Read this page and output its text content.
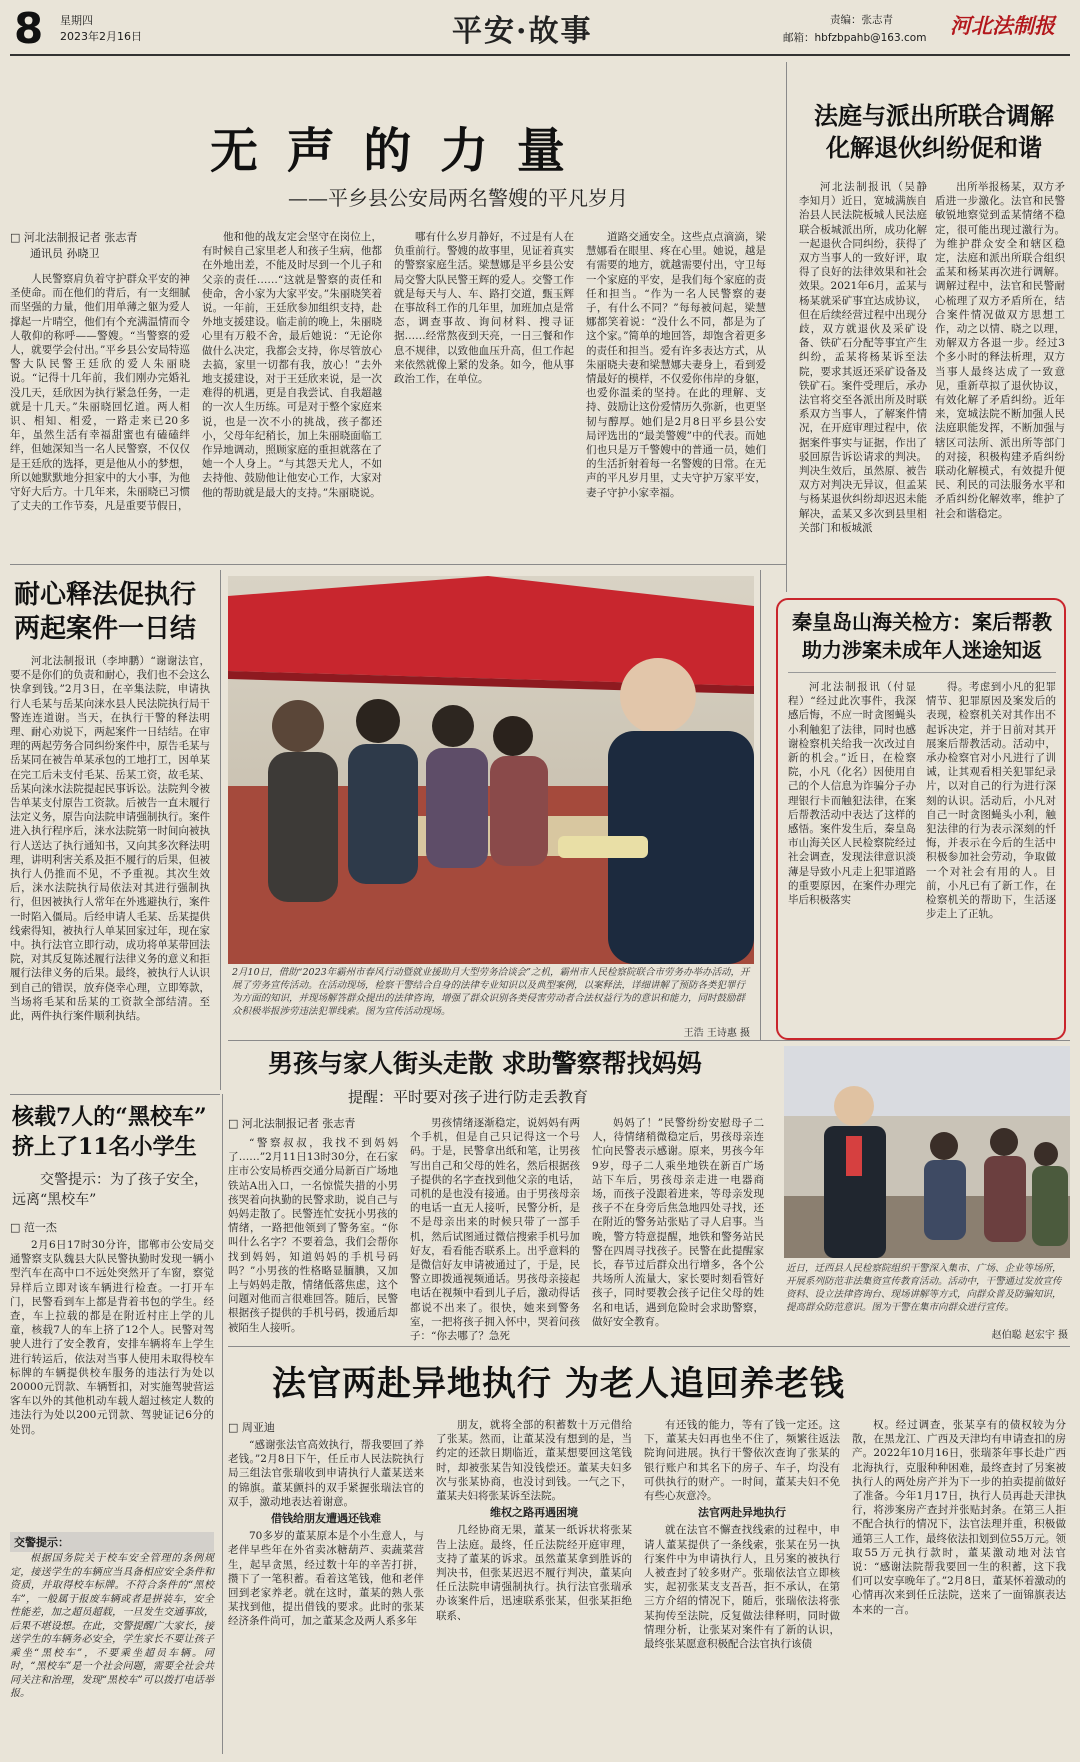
8 星期四
2023年2月16日	平安·故事	责编：张志青
邮箱：hbfzbpahb@163.com 河北法制报
无 声 的 力 量
——平乡县公安局两名警嫂的平凡岁月
□ 河北法制报记者 张志青
通讯员 孙晓卫

人民警察肩负着守护群众平安的神圣使命。而在他们的背后，有一支细腻而坚强的力量，他们用单薄之躯为爱人撑起一片晴空，他们有个充满温情而令人敬仰的称呼——警嫂。“当警察的爱人，就要学会付出。”平乡县公安局特巡警大队民警王廷欣的爱人朱丽晓说。“记得十几年前，我们刚办完婚礼没几天，廷欣因为执行紧急任务，一走就是十几天。”朱丽晓回忆道。两人相识、相知、相爱，一路走来已20多年，虽然生活有幸福甜蜜也有磕磕绊绊，但她深知当一名人民警察，不仅仅是王廷欣的选择，更是他从小的梦想，所以她默默地分担家中的大小事，为他守好大后方。十几年来，朱丽晓已习惯了丈夫的工作节奏，凡是重要节假日，

他和他的战友定会坚守在岗位上，有时候自己家里老人和孩子生病，他都在外地出差，不能及时尽到一个儿子和父亲的责任……“这就是警察的责任和使命，舍小家为大家平安。”朱丽晓笑着说。一年前，王廷欣参加组织支持，赴外地支援建设。临走前的晚上，朱丽晓心里有万般不舍，最后她说：“无论你做什么决定，我都会支持，你尽管放心去搞，家里一切都有我，放心！”去外地支援建设，对于王廷欣来说，是一次难得的机遇，更是自我尝试、自我超越的一次人生历练。可是对于整个家庭来说，也是一次不小的挑战，孩子都还小，父母年纪稍长，加上朱丽晓面临工作异地调动，照顾家庭的重担就落在了她一个人身上。“与其怨天尤人，不如去持他、鼓励他让他安心工作，大家对他的帮助就是最大的支持。”朱丽晓说。

哪有什么岁月静好，不过是有人在负重前行。警嫂的故事里，见证着真实的警察家庭生活。梁慧娜是平乡县公安局交警大队民警王辉的爱人。交警工作就是每天与人、车、路打交道，甄玉辉在事故科工作的几年里，加班加点是常态，调查事故、询问材料、搜寻证据……经常熬夜到天亮，一日三餐和作息不规律，以致他血压升高，但工作起来依然就像上紧的发条。如今，他从事政治工作，在单位。

道路交通安全。这些点点滴滴，梁慧娜看在眼里、疼在心里。她说，越是有需要的地方，就越需要付出，守卫每一个家庭的平安，是我们每个家庭的责任和担当。“作为一名人民警察的妻子，有什么不同？”每每被问起，梁慧娜都笑着说：“没什么不同，都是为了这个家。”简单的地回答，却饱含着更多的责任和担当。爱有许多表达方式，从朱丽晓夫妻和梁慧娜夫妻身上，看到爱情最好的模样，不仅爱你伟岸的身躯，也爱你温柔的坚持。在此的理解、支持、鼓励让这份爱情历久弥新，也更坚韧与醇厚。她们是2月8日平乡县公安局评选出的“最美警嫂”中的代表。而她们也只是万千警嫂中的普通一员，她们的生活折射着每一名警嫂的日常。在无声的平凡岁月里，丈夫守护万家平安，妻子守护小家幸福。

法庭与派出所联合调解 化解退伙纠纷促和谐

河北法制报讯（吴静 李知月）近日，宽城满族自治县人民法院板城人民法庭联合板城派出所，成功化解一起退伙合同纠纷，获得了双方当事人的一致好评，取得了良好的法律效果和社会效果。2021年6月，孟某与杨某就采矿事宜达成协议，但在后续经营过程中出现分歧，双方就退伙及采矿设备、铁矿石分配等事宜产生纠纷，孟某将杨某诉至法院，要求其返还采矿设备及铁矿石。案件受理后，承办法官将交至各派出所及时联系双方当事人，了解案件情况，在开庭审理过程中，依据案件事实与证据，作出了驳回原告诉讼请求的判决。判决生效后，虽然原、被告双方对判决无异议，但孟某与杨某退伙纠纷却迟迟未能解决，孟某又多次到县里相关部门和板城派

出所举报杨某，双方矛盾进一步激化。法官和民警敏锐地察觉到孟某情绪不稳定，很可能出现过激行为。为维护群众安全和辖区稳定，法庭和派出所联合组织孟某和杨某再次进行调解。调解过程中，法官和民警耐心梳理了双方矛盾所在，结合案件情况做双方思想工作，动之以情、晓之以理，劝解双方各退一步。经过3个多小时的释法析理，双方当事人最终达成了一致意见，重新草拟了退伙协议，有效化解了矛盾纠纷。近年来，宽城法院不断加强人民法庭职能发挥，不断加强与辖区司法所、派出所等部门的对接，积极构建矛盾纠纷联动化解模式，有效提升便民、利民的司法服务水平和矛盾纠纷化解效率，维护了社会和谐稳定。

耐心释法促执行
两起案件一日结

河北法制报讯（李坤鹏）“谢谢法官，要不是你们的负责和耐心，我们也不会这么快拿到钱。”2月3日，在辛集法院，申请执行人毛某与岳某向涞水县人民法院执行局干警连连道谢。当天，在执行干警的释法明理、耐心劝说下，两起案件一日结结。在审理的两起劳务合同纠纷案件中，原告毛某与岳某同在被告单某承包的工地打工，因单某在完工后未支付毛某、岳某工资，故毛某、岳某向涞水法院提起民事诉讼。法院判令被告单某支付原告工资款。后被告一直未履行法定义务，原告向法院申请强制执行。案件进入执行程序后，涞水法院第一时间向被执行人送达了执行通知书，又向其多次释法明理，讲明利害关系及拒不履行的后果，但被执行人仍推而不见，不予重视。其次生效后，涞水法院执行局依法对其进行强制执行，但因被执行人常年在外逃避执行，案件一时陷入僵局。后经申请人毛某、岳某提供线索得知，被执行人单某回家过年，现在家中。执行法官立即行动，成功将单某带回法院，对其反复陈述履行法律义务的意义和拒履行法律义务的后果。最终，被执行人认识到自己的错误，放弃侥幸心理，立即筹款，当场将毛某和岳某的工资款全部结清。至此，两件执行案件顺利执结。

2月10日，借助“2023年霸州市春风行动暨就业援助月大型劳务洽谈会”之机，霸州市人民检察院联合市劳务办举办活动，开展了劳务宣传活动。在活动现场，检察干警结合自身的法律专业知识以及典型案例，以案释法，详细讲解了预防各类犯罪行为方面的知识，并现场解答群众提出的法律咨询，增强了群众识别各类侵害劳动者合法权益行为的意识和能力，同时鼓励群众积极举报涉劳违法犯罪线索。图为宣传活动现场。
王浩 王诗惠 摄
秦皇岛山海关检方：案后帮教 助力涉案未成年人迷途知返

河北法制报讯（付显程）“经过此次事件，我深感后悔，不应一时贪图蝇头小利触犯了法律，同时也感谢检察机关给我一次改过自新的机会。”近日，在检察院，小凡（化名）因使用自己的个人信息为诈骗分子办理银行卡而触犯法律，在案后帮教活动中表达了这样的感悟。案件发生后，秦皇岛市山海关区人民检察院经过社会调查，发现法律意识淡薄是导致小凡走上犯罪道路的重要原因，在案件办理完毕后积极落实

得。考虑到小凡的犯罪情节、犯罪原因及案发后的表现，检察机关对其作出不起诉决定，并于日前对其开展案后帮教活动。活动中，承办检察官对小凡进行了训诫，让其观看相关犯罪纪录片，以对自己的行为进行深刻的认识。活动后，小凡对自己一时贪图蝇头小利，触犯法律的行为表示深刻的忏悔，并表示在今后的生活中积极参加社会劳动，争取做一个对社会有用的人。目前，小凡已有了新工作，在检察机关的帮助下，生活逐步走上了正轨。

男孩与家人街头走散 求助警察帮找妈妈
提醒：平时要对孩子进行防走丢教育
□ 河北法制报记者 张志青

“警察叔叔，我找不到妈妈了……”2月11日13时30分，在石家庄市公安局桥西交通分局新百广场地铁站A出入口，一名惊慌失措的小男孩哭着向执勤的民警求助，说自己与妈妈走散了。民警连忙安抚小男孩的情绪，一路把他领到了警务室。“你叫什么名字？不要着急，我们会帮你找到妈妈，知道妈妈的手机号码吗？”小男孩的性格略显腼腆，又加上与妈妈走散，情绪低落焦虑，这个问题对他而言很难回答。随后，民警根据孩子提供的手机号码，拨通后却被陌生人接听。

男孩情绪逐渐稳定，说妈妈有两个手机，但是自己只记得这一个号码。于是，民警拿出纸和笔，让男孩写出自己和父母的姓名，然后根据孩子提供的名字查找到他父亲的电话，司机的是也没有接通。由于男孩母亲的电话一直无人接听，民警分析，是不是母亲出来的时候只带了一部手机，然后试图通过微信搜索手机号加好友，看看能否联系上。出乎意料的是微信好友申请被通过了，于是，民警立即拨通视频通话。男孩母亲接起电话在视频中看到儿子后，激动得话都说不出来了。很快，她来到警务室，一把将孩子拥入怀中，哭着问孩子：“你去哪了？急死

妈妈了！”民警纷纷安慰母子二人，待情绪稍微稳定后，男孩母亲连忙向民警表示感谢。原来，男孩今年9岁，母子二人乘坐地铁在新百广场站下车后，男孩母亲走进一电器商场，而孩子没跟着进来，等母亲发现孩子不在身旁后焦急地四处寻找，还在附近的警务站张贴了寻人启事。当晚，警方特意提醒，地铁和警务站民警在四周寻找孩子。民警在此提醒家长，春节过后群众出行增多，各个公共场所人流量大，家长要时刻看管好孩子，同时要教会孩子记住父母的姓名和电话，遇到危险时会求助警察，做好安全教育。

近日，迁西县人民检察院组织干警深入集市、广场、企业等场所，开展系列防范非法集资宣传教育活动。活动中，干警通过发放宣传资料、设立法律咨询台、现场讲解等方式，向群众普及防骗知识，提高群众防范意识。图为干警在集市向群众进行宣传。
赵伯聪 赵宏宇 摄
核载7人的“黑校车”
挤上了11名小学生
交警提示：为了孩子安全，远离“黑校车”
□ 范一杰

2月6日17时30分许，邯郸市公安局交通警察支队魏县大队民警执勤时发现一辆小型汽车在高中口不远处突然开了车窗，察觉异样后立即对该车辆进行检查。一打开车门，民警看到车上都是背着书包的学生。经查，车上拉载的都是在附近村庄上学的儿童，核载7人的车上挤了12个人。民警对驾驶人进行了安全教育，安排车辆将车上学生进行转运后，依法对当事人使用未取得校车标牌的车辆提供校车服务的违法行为处以20000元罚款、车辆暂扣，对实施驾驶营运客车以外的其他机动车载人超过核定人数的违法行为处以200元罚款、驾驶证记6分的处罚。

交警提示：

根据国务院关于校车安全管理的条例规定，接送学生的车辆应当具备相应安全条件和资质，并取得校车标牌。不符合条件的“黑校车”，一般属于报废车辆或者是拼装车，安全性能差，加之超员超载，一旦发生交通事故，后果不堪设想。在此，交警提醒广大家长，接送学生的车辆务必安全，学生家长不要让孩子乘坐“黑校车”，不要乘坐超员车辆。同时，“黑校车”是一个社会问题，需要全社会共同关注和治理，发现“黑校车”可以拨打电话举报。

法官两赴异地执行 为老人追回养老钱
□ 周亚迪

“感谢张法官高效执行，帮我要回了养老钱。”2月8日下午，任丘市人民法院执行局三组法官张瑞收到申请执行人董某送来的锦旗。董某颤抖的双手紧握张瑞法官的双手，激动地表达着谢意。

借钱给朋友遭遇还钱难

70多岁的董某原本是个小生意人，与老伴早些年在外省卖冰糖葫芦、卖蔬菜营生，起早贪黑，经过数十年的辛苦打拼，攒下了一笔积蓄。看着这笔钱，他和老伴回到老家养老。就在这时，董某的熟人张某找到他，提出借钱的要求。此时的张某经济条件尚可，加之董某念及两人系多年

朋友，就将全部的积蓄数十万元借给了张某。然而，让董某没有想到的是，当约定的还款日期临近，董某想要回这笔钱时，却被张某告知没钱偿还。董某夫妇多次与张某协商，也没讨到钱。一气之下，董某夫妇将张某诉至法院。

维权之路再遇困境

几经协商无果，董某一纸诉状将张某告上法庭。最终，任丘法院经开庭审理，支持了董某的诉求。虽然董某拿到胜诉的判决书，但张某迟迟不履行判决，董某向任丘法院申请强制执行。执行法官张瑞承办该案件后，迅速联系张某，但张某拒绝联系、

有还钱的能力，等有了钱一定还。这下，董某夫妇再也坐不住了，频繁往返法院询问进展。执行干警依次查询了张某的银行账户和其名下的房子、车子，均没有可供执行的财产。一时间，董某夫妇不免有些心灰意冷。

法官两赴异地执行

就在法官不懈查找线索的过程中，申请人董某提供了一条线索，张某在另一执行案件中为申请执行人，且另案的被执行人被查封了较多财产。张瑞依法官立即核实，起初张某支支吾吾，拒不承认，在第三方介绍的情况下，随后，张瑞依法将张某拘传至法院，反复做法律释明，同时做情理分析，让张某对案件有了新的认识，最终张某愿意积极配合法官执行该债

权。经过调查，张某享有的债权较为分散，在黑龙江、广西及天津均有申请查扣的房产。2022年10月16日，张瑞茶年事长赴广西北海执行，克服种种困难，最终查封了另案被执行人的两处房产并为下一步的拍卖提前做好了准备。今年1月17日，执行人员再赴天津执行，将涉案房产查封并张贴封条。在第三人拒不配合执行的情况下，法官法理并重，积极做通第三人工作，最终依法扣划到位55万元。领取55万元执行款时，董某激动地对法官说：“感谢法院帮我要回一生的积蓄，这下我们可以安享晚年了。”2月8日，董某怀着激动的心情再次来到任丘法院，送来了一面锦旗表达本来的一言。
